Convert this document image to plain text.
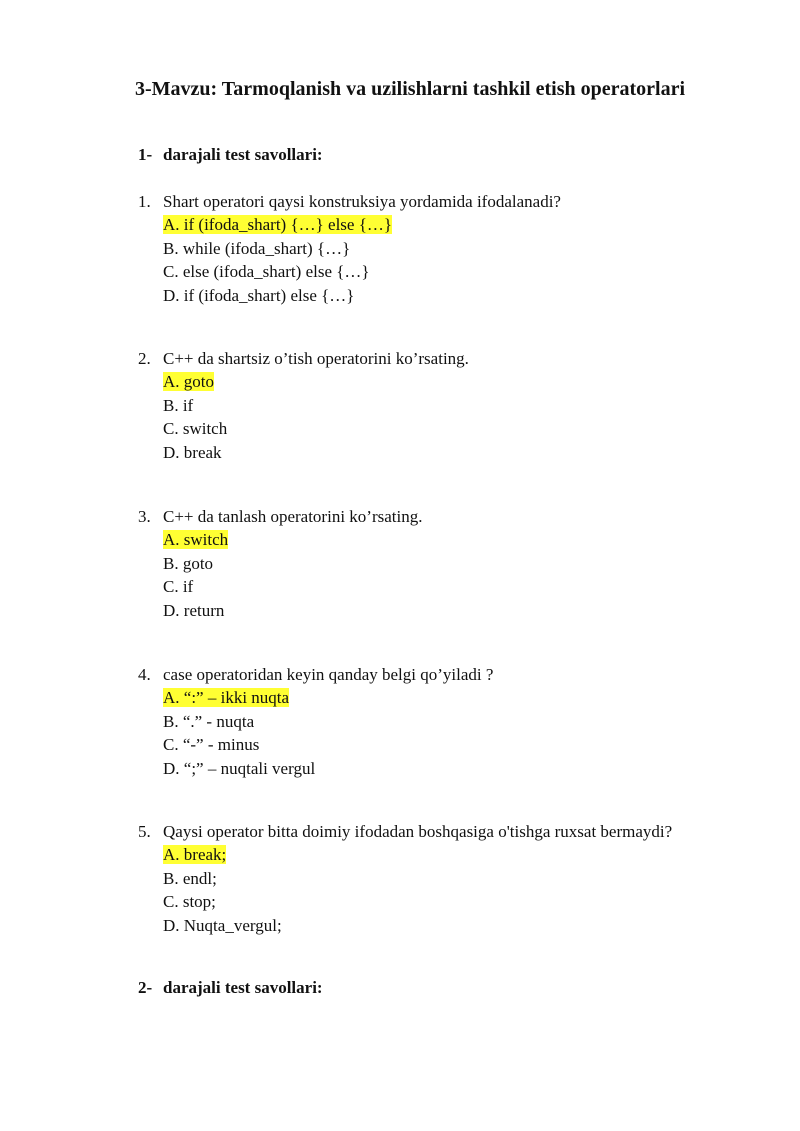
3-Mavzu: Tarmoqlanish va uzilishlarni tashkil etish operatorlari
1- darajali test savollari:
1. Shart operatori qaysi konstruksiya yordamida ifodalanadi?
A. if (ifoda_shart) {…} else {…}
B. while (ifoda_shart) {…}
C. else (ifoda_shart) else {…}
D. if (ifoda_shart) else {…}
2. C++ da shartsiz o’tish operatorini ko’rsating.
A. goto
B. if
C. switch
D. break
3. C++ da tanlash operatorini ko’rsating.
A. switch
B. goto
C. if
D. return
4. case operatoridan keyin qanday belgi qo’yiladi ?
A. “:” – ikki nuqta
B. “.” - nuqta
C. “-” - minus
D. “;” – nuqtali vergul
5. Qaysi operator bitta doimiy ifodadan boshqasiga o'tishga ruxsat bermaydi?
A. break;
B. endl;
C. stop;
D. Nuqta_vergul;
2- darajali test savollari:
